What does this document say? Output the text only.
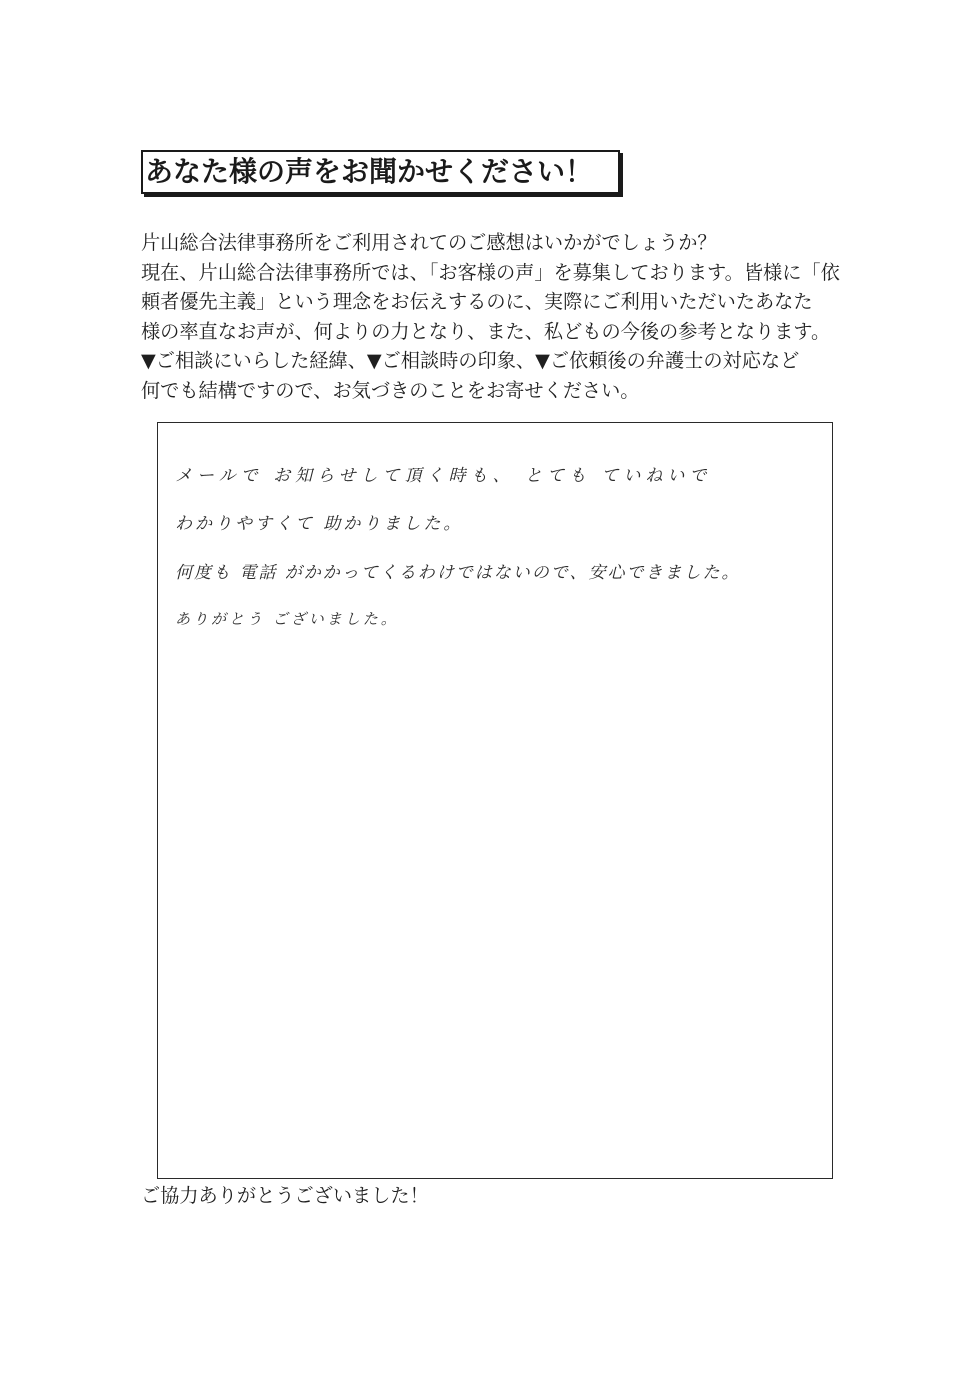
あなた様の声をお聞かせください！
片山総合法律事務所をご利用されてのご感想はいかがでしょうか？
現在、片山総合法律事務所では、「お客様の声」を募集しております。皆様に「依
頼者優先主義」という理念をお伝えするのに、実際にご利用いただいたあなた
様の率直なお声が、何よりの力となり、また、私どもの今後の参考となります。
▼ご相談にいらした経緯、▼ご相談時の印象、▼ご依頼後の弁護士の対応など
何でも結構ですので、お気づきのことをお寄せください。
メールで お知らせして頂く時も、 とても ていねいで
わかりやすくて 助かりました。
何度も 電話 がかかってくるわけではないので、安心できました。
ありがとう ございました。
ご協力ありがとうございました！
